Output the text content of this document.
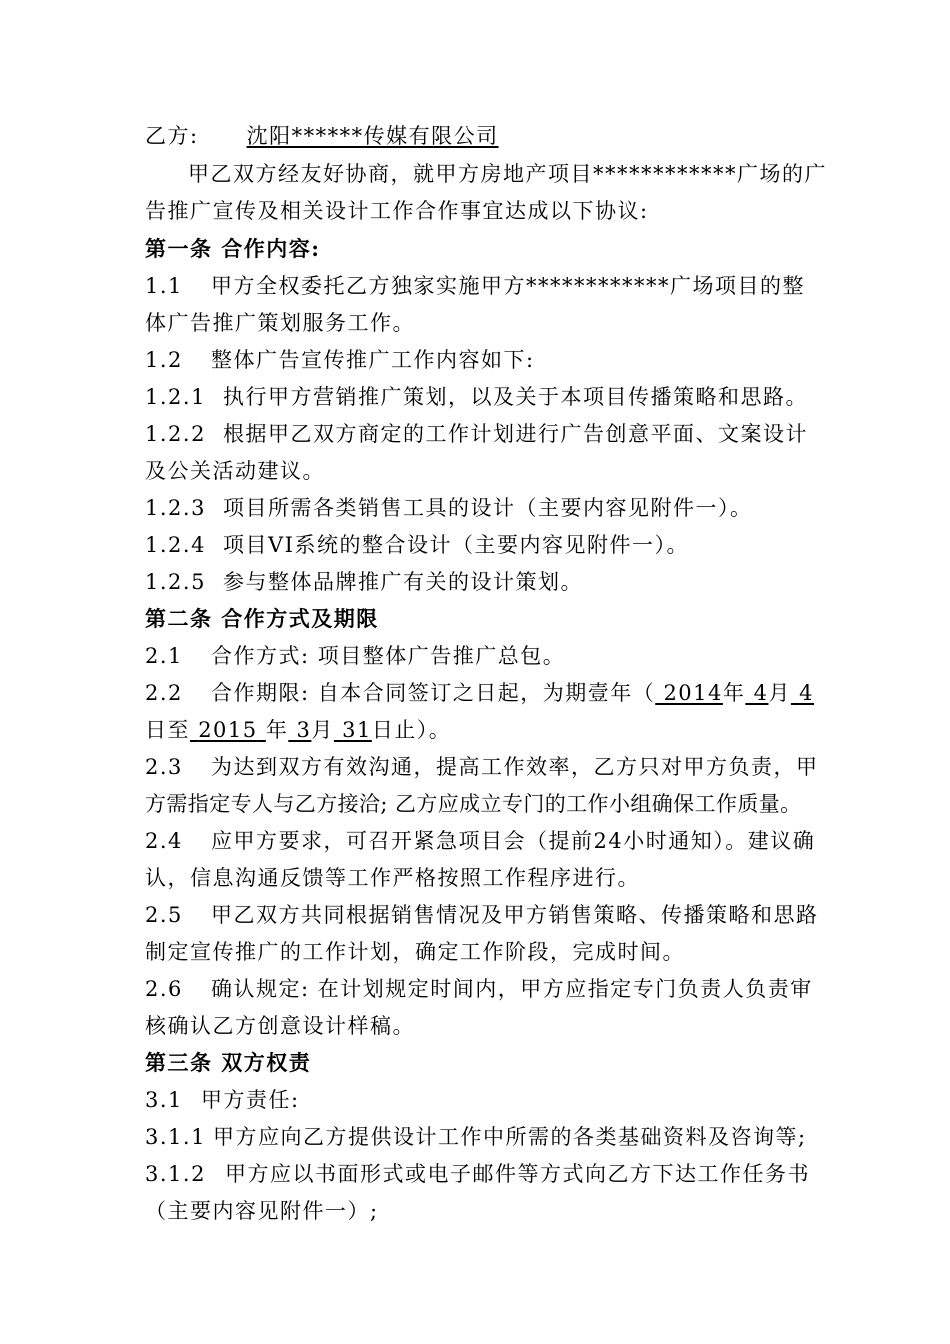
乙方: 沈阳******传媒有限公司
甲乙双方经友好协商，就甲方房地产项目************广场的广
告推广宣传及相关设计工作合作事宜达成以下协议:
第一条 合作内容:
1.1 甲方全权委托乙方独家实施甲方************广场项目的整
体广告推广策划服务工作。
1.2 整体广告宣传推广工作内容如下:
1.2.1 执行甲方营销推广策划，以及关于本项目传播策略和思路。
1.2.2 根据甲乙双方商定的工作计划进行广告创意平面、文案设计
及公关活动建议。
1.2.3 项目所需各类销售工具的设计（主要内容见附件一）。
1.2.4 项目VI系统的整合设计（主要内容见附件一）。
1.2.5 参与整体品牌推广有关的设计策划。
第二条 合作方式及期限
2.1 合作方式: 项目整体广告推广总包。
2.2 合作期限: 自本合同签订之日起，为期壹年（ 2014年 4月 4
日至 2015 年 3月 31日止）。
2.3 为达到双方有效沟通，提高工作效率，乙方只对甲方负责，甲
方需指定专人与乙方接洽; 乙方应成立专门的工作小组确保工作质量。
2.4 应甲方要求，可召开紧急项目会（提前24小时通知）。建议确
认，信息沟通反馈等工作严格按照工作程序进行。
2.5 甲乙双方共同根据销售情况及甲方销售策略、传播策略和思路
制定宣传推广的工作计划，确定工作阶段，完成时间。
2.6 确认规定: 在计划规定时间内，甲方应指定专门负责人负责审
核确认乙方创意设计样稿。
第三条 双方权责
3.1 甲方责任:
3.1.1 甲方应向乙方提供设计工作中所需的各类基础资料及咨询等;
3.1.2 甲方应以书面形式或电子邮件等方式向乙方下达工作任务书
（主要内容见附件一）;
